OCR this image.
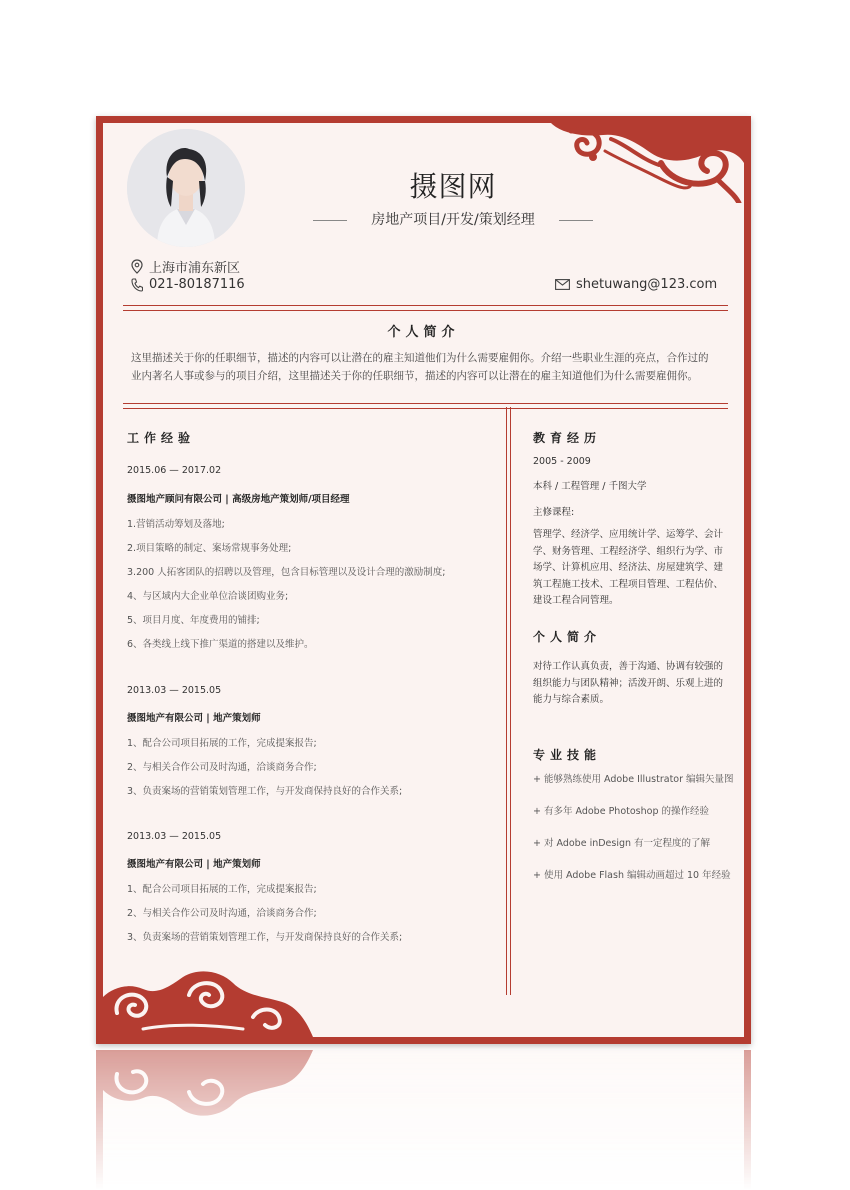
摄图网
房地产项目/开发/策划经理
上海市浦东新区
021-80187116	shetuwang@123.com
个人简介
这里描述关于你的任职细节，描述的内容可以让潜在的雇主知道他们为什么需要雇佣你。介绍一些职业生涯的亮点，合作过的业内著名人事或参与的项目介绍，这里描述关于你的任职细节，描述的内容可以让潜在的雇主知道他们为什么需要雇佣你。
工作经验
2015.06 — 2017.02
摄图地产顾问有限公司 | 高级房地产策划师/项目经理
1.营销活动筹划及落地;
2.项目策略的制定、案场常规事务处理;
3.200 人拓客团队的招聘以及管理，包含目标管理以及设计合理的激励制度;
4、与区域内大企业单位洽谈团购业务;
5、项目月度、年度费用的铺排;
6、各类线上线下推广渠道的搭建以及维护。
2013.03 — 2015.05
摄图地产有限公司 | 地产策划师
1、配合公司项目拓展的工作，完成提案报告;
2、与相关合作公司及时沟通，洽谈商务合作;
3、负责案场的营销策划管理工作，与开发商保持良好的合作关系;
2013.03 — 2015.05
摄图地产有限公司 | 地产策划师
1、配合公司项目拓展的工作，完成提案报告;
2、与相关合作公司及时沟通，洽谈商务合作;
3、负责案场的营销策划管理工作，与开发商保持良好的合作关系;
教育经历
2005 - 2009
本科 / 工程管理 / 千图大学
主修课程:
管理学、经济学、应用统计学、运筹学、会计学、财务管理、工程经济学、组织行为学、市场学、计算机应用、经济法、房屋建筑学、建筑工程施工技术、工程项目管理、工程估价、建设工程合同管理。
个人简介
对待工作认真负责，善于沟通、协调有较强的组织能力与团队精神；活泼开朗、乐观上进的能力与综合素质。
专业技能
+ 能够熟练使用 Adobe Illustrator 编辑矢量图
+ 有多年 Adobe Photoshop 的操作经验
+ 对 Adobe inDesign 有一定程度的了解
+ 使用 Adobe Flash 编辑动画超过 10 年经验
